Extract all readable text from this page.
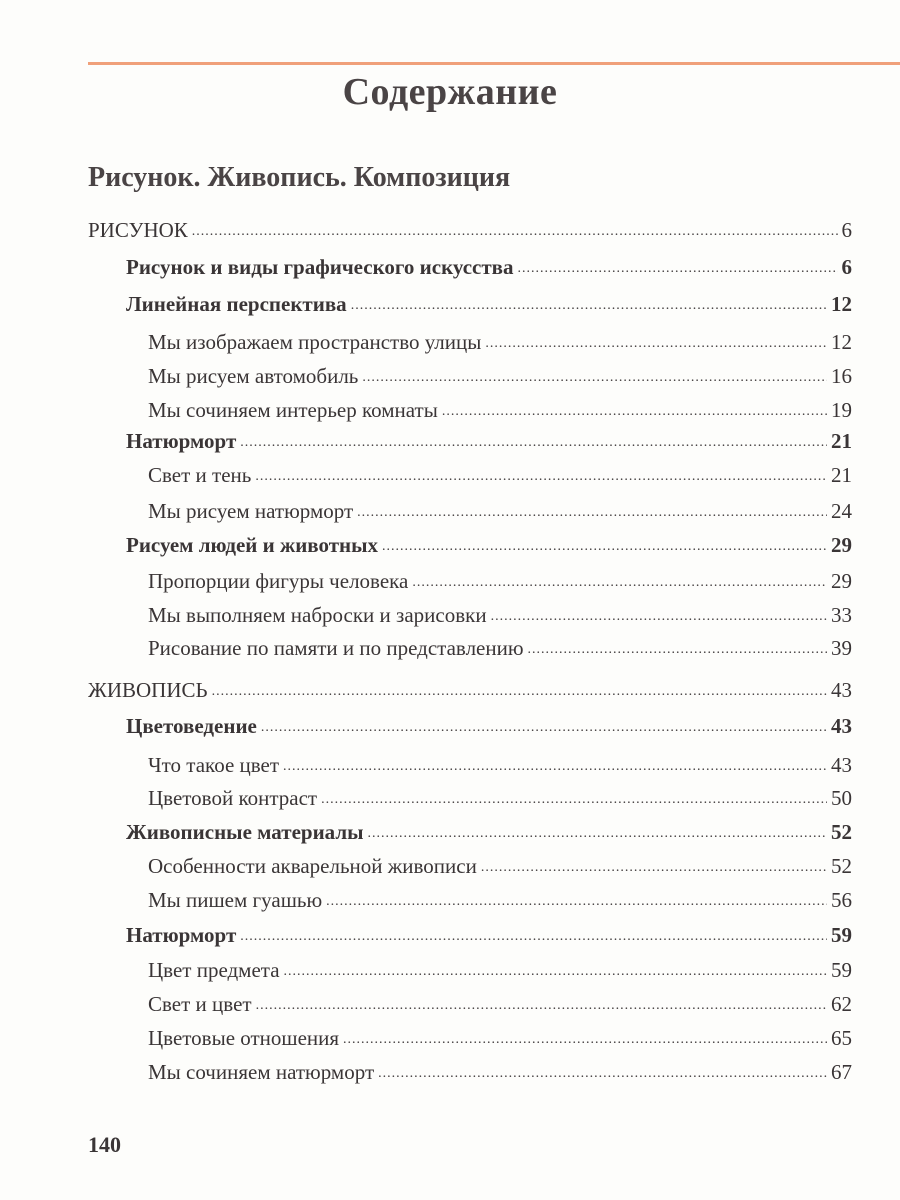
Содержание
Рисунок. Живопись. Композиция
РИСУНОК .....	6
Рисунок и виды графического искусства .....	6
Линейная перспектива .....	12
Мы изображаем пространство улицы .....	12
Мы рисуем автомобиль .....	16
Мы сочиняем интерьер комнаты .....	19
Натюрморт .....	21
Свет и тень .....	21
Мы рисуем натюрморт .....	24
Рисуем людей и животных .....	29
Пропорции фигуры человека .....	29
Мы выполняем наброски и зарисовки .....	33
Рисование по памяти и по представлению .....	39
ЖИВОПИСЬ .....	43
Цветоведение .....	43
Что такое цвет .....	43
Цветовой контраст .....	50
Живописные материалы .....	52
Особенности акварельной живописи .....	52
Мы пишем гуашью .....	56
Натюрморт .....	59
Цвет предмета .....	59
Свет и цвет .....	62
Цветовые отношения .....	65
Мы сочиняем натюрморт .....	67
140
